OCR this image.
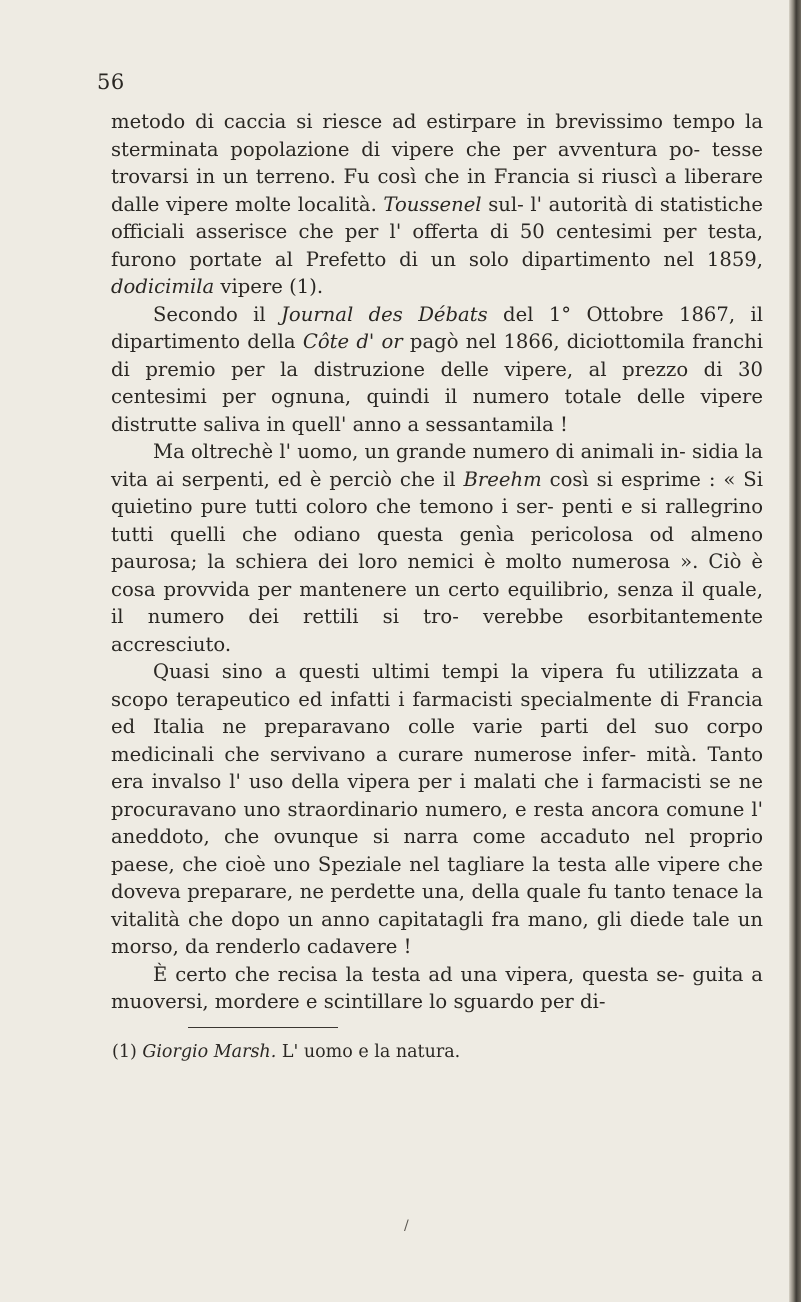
56

metodo di caccia si riesce ad estirpare in brevissimo tempo la sterminata popolazione di vipere che per avventura po- tesse trovarsi in un terreno. Fu così che in Francia si riuscì a liberare dalle vipere molte località. Toussenel sul- l' autorità di statistiche officiali asserisce che per l' offerta di 50 centesimi per testa, furono portate al Prefetto di un solo dipartimento nel 1859, dodicimila vipere (1).

Secondo il Journal des Débats del 1° Ottobre 1867, il dipartimento della Côte d' or pagò nel 1866, diciottomila franchi di premio per la distruzione delle vipere, al prezzo di 30 centesimi per ognuna, quindi il numero totale delle vipere distrutte saliva in quell' anno a sessantamila !

Ma oltrechè l' uomo, un grande numero di animali in- sidia la vita ai serpenti, ed è perciò che il Breehm così si esprime : « Si quietino pure tutti coloro che temono i ser- penti e si rallegrino tutti quelli che odiano questa genìa pericolosa od almeno paurosa; la schiera dei loro nemici è molto numerosa ». Ciò è cosa provvida per mantenere un certo equilibrio, senza il quale, il numero dei rettili si tro- verebbe esorbitantemente accresciuto.

Quasi sino a questi ultimi tempi la vipera fu utilizzata a scopo terapeutico ed infatti i farmacisti specialmente di Francia ed Italia ne preparavano colle varie parti del suo corpo medicinali che servivano a curare numerose infer- mità. Tanto era invalso l' uso della vipera per i malati che i farmacisti se ne procuravano uno straordinario numero, e resta ancora comune l' aneddoto, che ovunque si narra come accaduto nel proprio paese, che cioè uno Speziale nel tagliare la testa alle vipere che doveva preparare, ne perdette una, della quale fu tanto tenace la vitalità che dopo un anno capitatagli fra mano, gli diede tale un morso, da renderlo cadavere !

È certo che recisa la testa ad una vipera, questa se- guita a muoversi, mordere e scintillare lo sguardo per di-

(1) Giorgio Marsh. L' uomo e la natura.
/
